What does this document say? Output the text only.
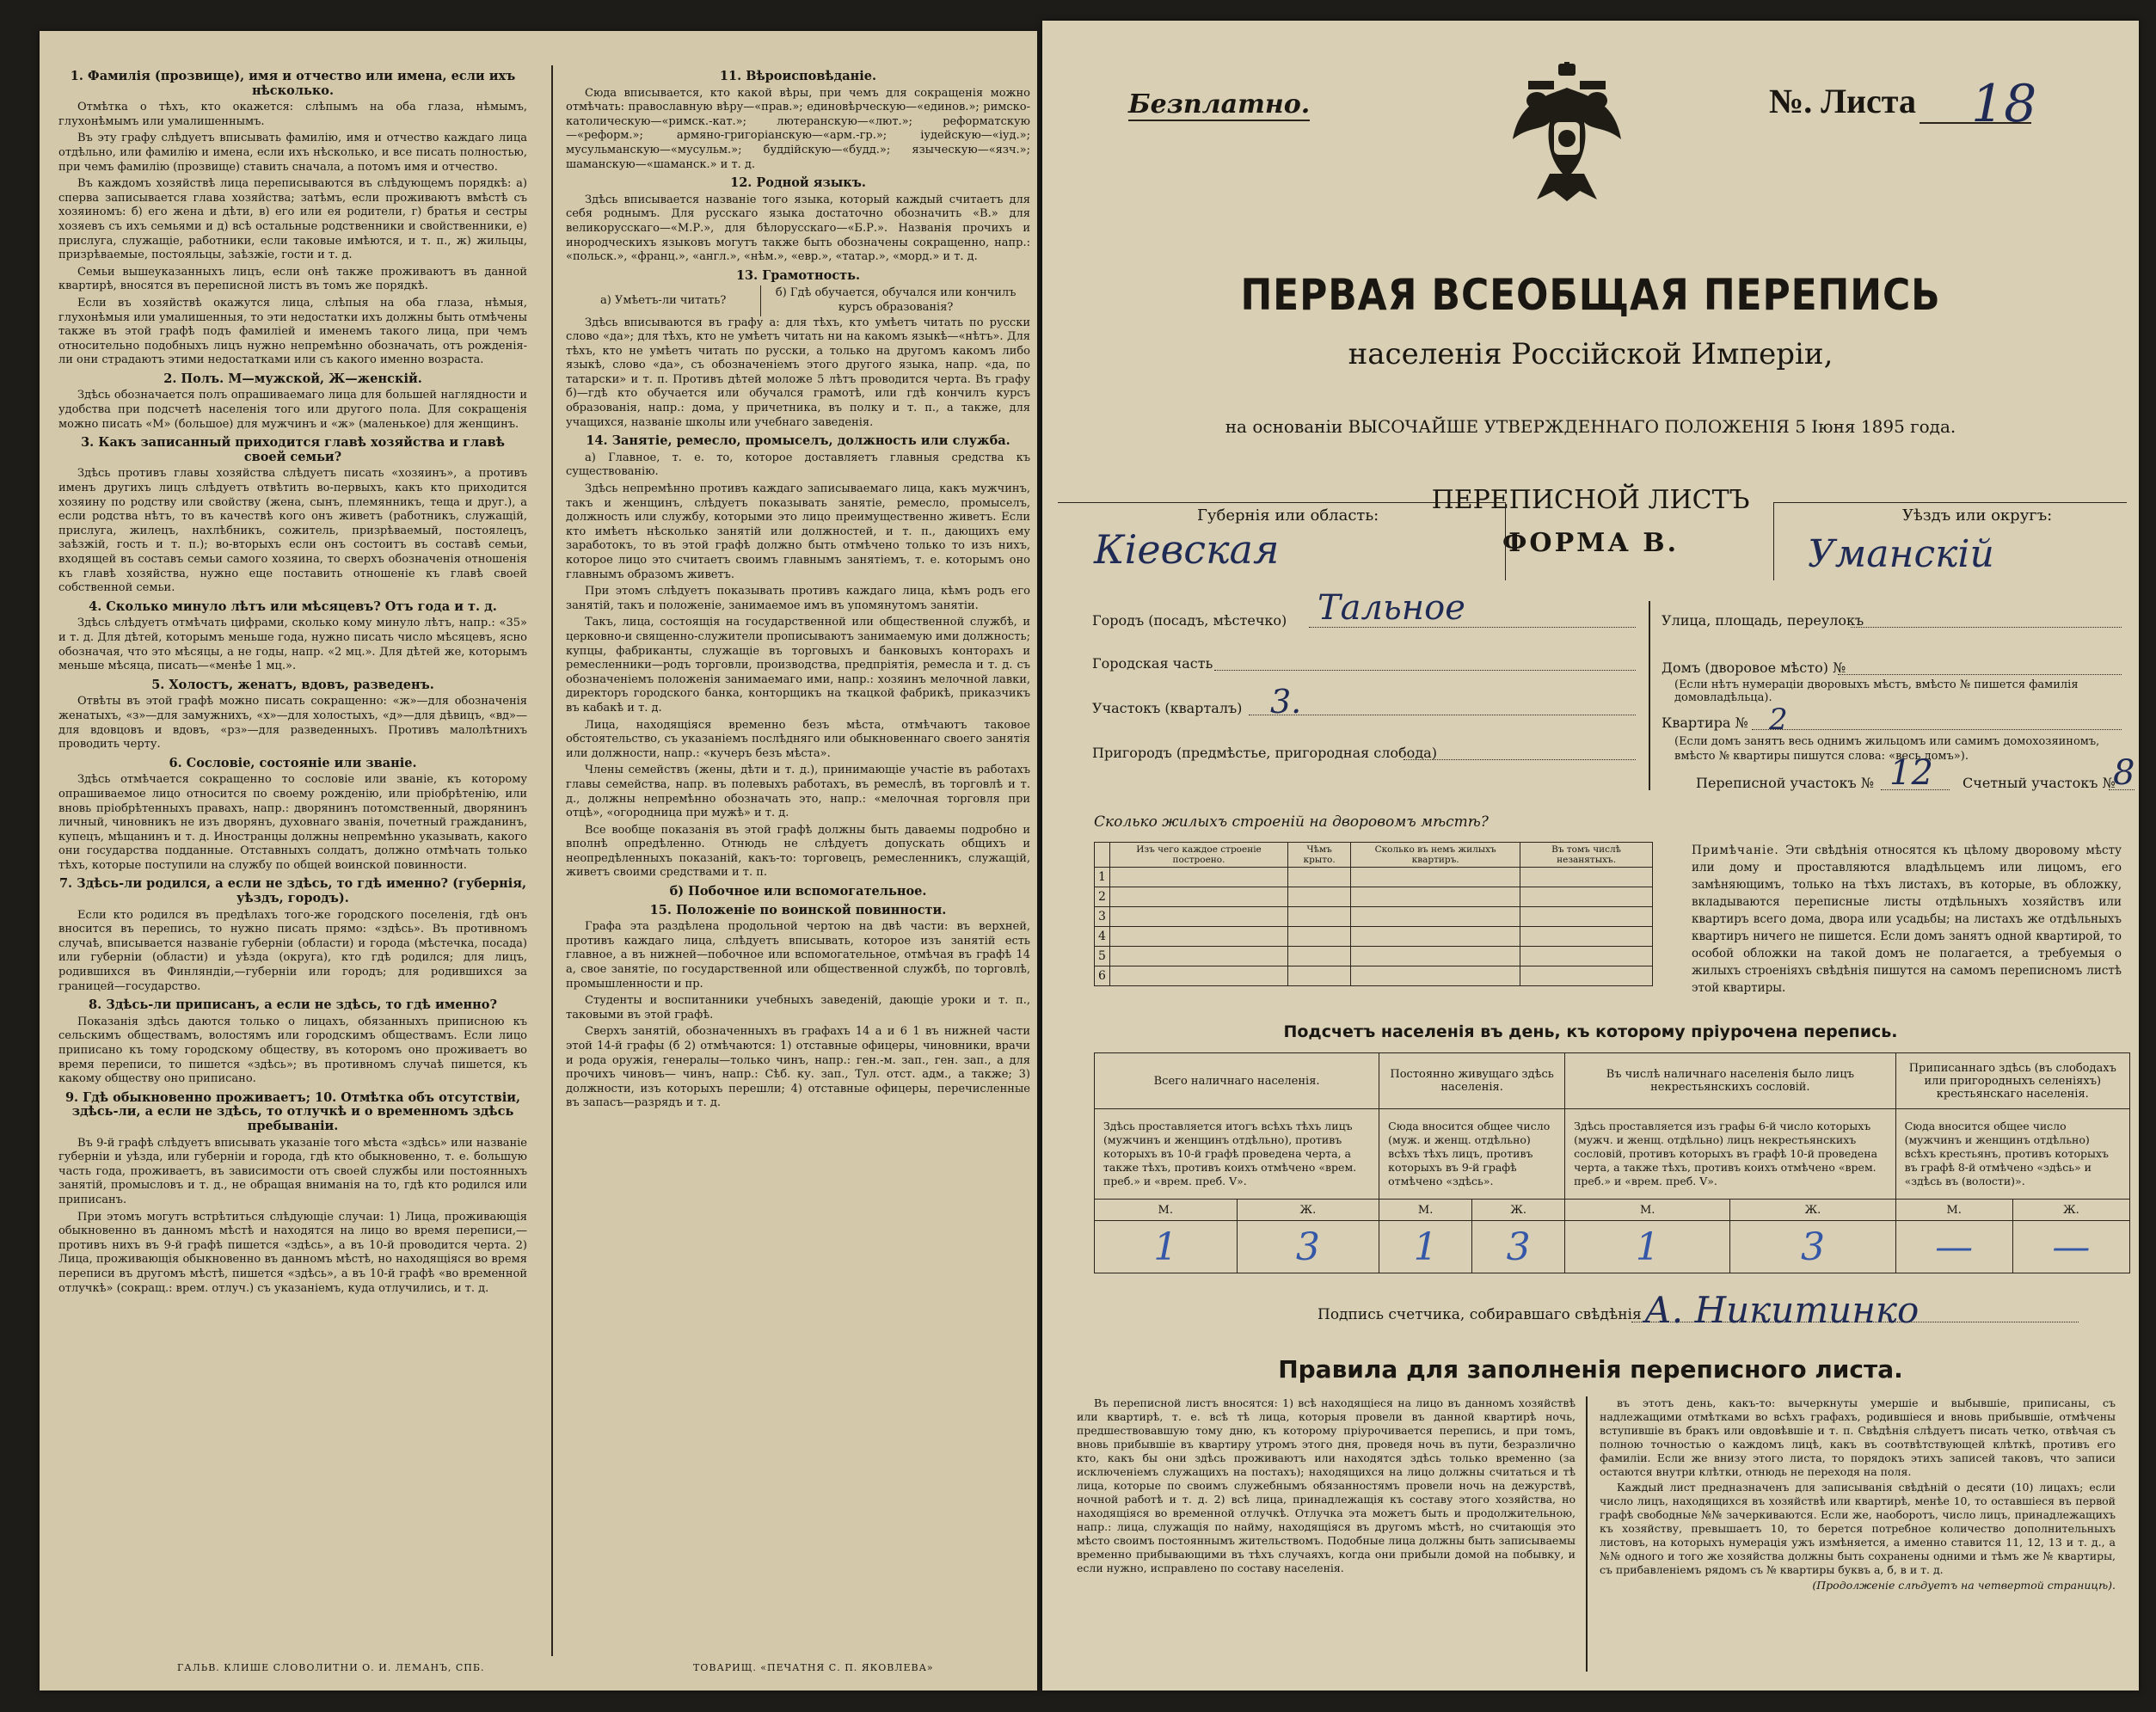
1. Фамилія (прозвище), имя и отчество или имена, если ихъ нѣсколько.

Отмѣтка о тѣхъ, кто окажется: слѣпымъ на оба глаза, нѣмымъ, глухонѣмымъ или умалишеннымъ.

Въ эту графу слѣдуетъ вписывать фамилію, имя и отчество каждаго лица отдѣльно, или фамилію и имена, если ихъ нѣсколько, и все писать полностью, при чемъ фамилію (прозвище) ставить сначала, а потомъ имя и отчество.

Въ каждомъ хозяйствѣ лица переписываются въ слѣдующемъ порядкѣ: а) сперва записывается глава хозяйства; затѣмъ, если проживаютъ вмѣстѣ съ хозяиномъ: б) его жена и дѣти, в) его или ея родители, г) братья и сестры хозяевъ съ ихъ семьями и д) всѣ остальные родственники и свойственники, е) прислуга, служащіе, работники, если таковые имѣются, и т. п., ж) жильцы, призрѣваемые, постояльцы, заѣзжіе, гости и т. д.

Семьи вышеуказанныхъ лицъ, если онѣ также проживаютъ въ данной квартирѣ, вносятся въ переписной листъ въ томъ же порядкѣ.

Если въ хозяйствѣ окажутся лица, слѣпыя на оба глаза, нѣмыя, глухонѣмыя или умалишенныя, то эти недостатки ихъ должны быть отмѣчены также въ этой графѣ подъ фамиліей и именемъ такого лица, при чемъ относительно подобныхъ лицъ нужно непремѣнно обозначать, отъ рожденія-ли они страдаютъ этими недостатками или съ какого именно возраста.

2. Полъ. М—мужской, Ж—женскій.

Здѣсь обозначается полъ опрашиваемаго лица для большей наглядности и удобства при подсчетѣ населенія того или другого пола. Для сокращенія можно писать «М» (большое) для мужчинъ и «ж» (маленькое) для женщинъ.

3. Какъ записанный приходится главѣ хозяйства и главѣ своей семьи?

Здѣсь противъ главы хозяйства слѣдуетъ писать «хозяинъ», а противъ именъ другихъ лицъ слѣдуетъ отвѣтить во-первыхъ, какъ кто приходится хозяину по родству или свойству (жена, сынъ, племянникъ, теща и друг.), а если родства нѣтъ, то въ качествѣ кого онъ живетъ (работникъ, служащій, прислуга, жилецъ, нахлѣбникъ, сожитель, призрѣваемый, постоялецъ, заѣзжій, гость и т. п.); во-вторыхъ если онъ состоитъ въ составѣ семьи, входящей въ составъ семьи самого хозяина, то сверхъ обозначенія отношенія къ главѣ хозяйства, нужно еще поставить отношеніе къ главѣ своей собственной семьи.

4. Сколько минуло лѣтъ или мѣсяцевъ? Отъ года и т. д.

Здѣсь слѣдуетъ отмѣчать цифрами, сколько кому минуло лѣтъ, напр.: «35» и т. д. Для дѣтей, которымъ меньше года, нужно писать число мѣсяцевъ, ясно обозначая, что это мѣсяцы, а не годы, напр. «2 мц.». Для дѣтей же, которымъ меньше мѣсяца, писать—«менѣе 1 мц.».

5. Холостъ, женатъ, вдовъ, разведенъ.

Отвѣты въ этой графѣ можно писать сокращенно: «ж»—для обозначенія женатыхъ, «з»—для замужнихъ, «х»—для холостыхъ, «д»—для дѣвицъ, «вд»—для вдовцовъ и вдовъ, «рз»—для разведенныхъ. Противъ малолѣтнихъ проводить черту.

6. Сословіе, состояніе или званіе.

Здѣсь отмѣчается сокращенно то сословіе или званіе, къ которому опрашиваемое лицо относится по своему рожденію, или пріобрѣтенію, или вновь пріобрѣтенныхъ правахъ, напр.: дворянинъ потомственный, дворянинъ личный, чиновникъ не изъ дворянъ, духовнаго званія, почетный гражданинъ, купецъ, мѣщанинъ и т. д. Иностранцы должны непремѣнно указывать, какого они государства подданные. Отставныхъ солдатъ, должно отмѣчать только тѣхъ, которые поступили на службу по общей воинской повинности.

7. Здѣсь-ли родился, а если не здѣсь, то гдѣ именно? (губернія, уѣздъ, городъ).

Если кто родился въ предѣлахъ того-же городского поселенія, гдѣ онъ вносится въ перепись, то нужно писать прямо: «здѣсь». Въ противномъ случаѣ, вписывается названіе губерніи (области) и города (мѣстечка, посада) или губерніи (области) и уѣзда (округа), кто гдѣ родился; для лицъ, родившихся въ Финляндіи,—губерніи или городъ; для родившихся за границей—государство.

8. Здѣсь-ли приписанъ, а если не здѣсь, то гдѣ именно?

Показанія здѣсь даются только о лицахъ, обязанныхъ приписною къ сельскимъ обществамъ, волостямъ или городскимъ обществамъ. Если лицо приписано къ тому городскому обществу, въ которомъ оно проживаетъ во время переписи, то пишется «здѣсь»; въ противномъ случаѣ пишется, къ какому обществу оно приписано.

9. Гдѣ обыкновенно проживаетъ; 10. Отмѣтка объ отсутствіи, здѣсь-ли, а если не здѣсь, то отлучкѣ и о временномъ здѣсь пребываніи.

Въ 9-й графѣ слѣдуетъ вписывать указаніе того мѣста «здѣсь» или названіе губерніи и уѣзда, или губерніи и города, гдѣ кто обыкновенно, т. е. большую часть года, проживаетъ, въ зависимости отъ своей службы или постоянныхъ занятій, промысловъ и т. д., не обращая вниманія на то, гдѣ кто родился или приписанъ.

При этомъ могутъ встрѣтиться слѣдующіе случаи: 1) Лица, проживающія обыкновенно въ данномъ мѣстѣ и находятся на лицо во время переписи,—противъ нихъ въ 9-й графѣ пишется «здѣсь», а въ 10-й проводится черта. 2) Лица, проживающія обыкновенно въ данномъ мѣстѣ, но находящіяся во время переписи въ другомъ мѣстѣ, пишется «здѣсь», а въ 10-й графѣ «во временной отлучкѣ» (сокращ.: врем. отлуч.) съ указаніемъ, куда отлучились, и т. д.

11. Вѣроисповѣданіе.

Сюда вписывается, кто какой вѣры, при чемъ для сокращенія можно отмѣчать: православную вѣру—«прав.»; единовѣрческую—«единов.»; римско-католическую—«римск.-кат.»; лютеранскую—«лют.»; реформатскую—«реформ.»; армяно-григоріанскую—«арм.-гр.»; іудейскую—«іуд.»; мусульманскую—«мусульм.»; буддійскую—«будд.»; языческую—«язч.»; шаманскую—«шаманск.» и т. д.

12. Родной языкъ.

Здѣсь вписывается названіе того языка, который каждый считаетъ для себя роднымъ. Для русскаго языка достаточно обозначить «В.» для великорусскаго—«М.Р.», для бѣлорусскаго—«Б.Р.». Названія прочихъ и инородческихъ языковъ могутъ также быть обозначены сокращенно, напр.: «польск.», «франц.», «англ.», «нѣм.», «евр.», «татар.», «морд.» и т. д.

13. Грамотность.
а) Умѣетъ-ли читать?	б) Гдѣ обучается, обучался или кончилъ курсъ образованія?

Здѣсь вписываются въ графу а: для тѣхъ, кто умѣетъ читать по русски слово «да»; для тѣхъ, кто не умѣетъ читать ни на какомъ языкѣ—«нѣтъ». Для тѣхъ, кто не умѣетъ читать по русски, а только на другомъ какомъ либо языкѣ, слово «да», съ обозначеніемъ этого другого языка, напр. «да, по татарски» и т. п. Противъ дѣтей моложе 5 лѣтъ проводится черта. Въ графу б)—гдѣ кто обучается или обучался грамотѣ, или гдѣ кончилъ курсъ образованія, напр.: дома, у причетника, въ полку и т. п., а также, для учащихся, названіе школы или учебнаго заведенія.

14. Занятіе, ремесло, промыселъ, должность или служба.

а) Главное, т. е. то, которое доставляетъ главныя средства къ существованію.

Здѣсь непремѣнно противъ каждаго записываемаго лица, какъ мужчинъ, такъ и женщинъ, слѣдуетъ показывать занятіе, ремесло, промыселъ, должность или службу, которыми это лицо преимущественно живетъ. Если кто имѣетъ нѣсколько занятій или должностей, и т. п., дающихъ ему заработокъ, то въ этой графѣ должно быть отмѣчено только то изъ нихъ, которое лицо это считаетъ своимъ главнымъ занятіемъ, т. е. которымъ оно главнымъ образомъ живетъ.

При этомъ слѣдуетъ показывать противъ каждаго лица, кѣмъ родъ его занятій, такъ и положеніе, занимаемое имъ въ упомянутомъ занятіи.

Такъ, лица, состоящія на государственной или общественной службѣ, и церковно-и священно-служители прописываютъ занимаемую ими должность; купцы, фабриканты, служащіе въ торговыхъ и банковыхъ конторахъ и ремесленники—родъ торговли, производства, предпріятія, ремесла и т. д. съ обозначеніемъ положенія занимаемаго ими, напр.: хозяинъ мелочной лавки, директоръ городского банка, конторщикъ на ткацкой фабрикѣ, приказчикъ въ кабакѣ и т. д.

Лица, находящіяся временно безъ мѣста, отмѣчаютъ таковое обстоятельство, съ указаніемъ послѣдняго или обыкновеннаго своего занятія или должности, напр.: «кучеръ безъ мѣста».

Члены семействъ (жены, дѣти и т. д.), принимающіе участіе въ работахъ главы семейства, напр. въ полевыхъ работахъ, въ ремеслѣ, въ торговлѣ и т. д., должны непремѣнно обозначать это, напр.: «мелочная торговля при отцѣ», «огородница при мужѣ» и т. д.

Все вообще показанія въ этой графѣ должны быть даваемы подробно и вполнѣ опредѣленно. Отнюдь не слѣдуетъ допускать общихъ и неопредѣленныхъ показаній, какъ-то: торговецъ, ремесленникъ, служащій, живетъ своими средствами и т. п.

б) Побочное или вспомогательное.
15. Положеніе по воинской повинности.

Графа эта раздѣлена продольной чертою на двѣ части: въ верхней, противъ каждаго лица, слѣдуетъ вписывать, которое изъ занятій есть главное, а въ нижней—побочное или вспомогательное, отмѣчая въ графѣ 14 а, свое занятіе, по государственной или общественной службѣ, по торговлѣ, промышленности и пр.

Студенты и воспитанники учебныхъ заведеній, дающіе уроки и т. п., таковыми въ этой графѣ.

Сверхъ занятій, обозначенныхъ въ графахъ 14 а и 6 1 въ нижней части этой 14-й графы (б 2) отмѣчаются: 1) отставные офицеры, чиновники, врачи и рода оружія, генералы—только чинъ, напр.: ген.-м. зап., ген. зап., а для прочихъ чиновъ— чинъ, напр.: Сѣб. ку. зап., Тул. отст. адм., а также; 3) должности, изъ которыхъ перешли; 4) отставные офицеры, перечисленные въ запасъ—разрядъ и т. д.

ГАЛЬВ. КЛИШЕ СЛОВОЛИТНИ О. И. ЛЕМАНЪ, СПБ.	ТОВАРИЩ. «ПЕЧАТНЯ С. П. ЯКОВЛЕВА»
Безплатно.	№. Листа 18
ПЕРВАЯ ВСЕОБЩАЯ ПЕРЕПИСЬ
населенія Россійской Имперіи,
на основаніи ВЫСОЧАЙШЕ УТВЕРЖДЕННАГО ПОЛОЖЕНІЯ 5 Іюня 1895 года.
ПЕРЕПИСНОЙ ЛИСТЪ
ФОРМА В.
Губернія или область:
Кіевская
Уѣздъ или округъ:
Уманскій
Городъ (посадъ, мѣстечко) Тальное
Городская часть
Участокъ (кварталъ) 3.
Пригородъ (предмѣстье, пригородная слобода)
Улица, площадь, переулокъ
Домъ (дворовое мѣсто) №
(Если нѣтъ нумераціи дворовыхъ мѣстъ, вмѣсто № пишется фамилія домовладѣльца).
Квартира № 2
(Если домъ занятъ весь однимъ жильцомъ или самимъ домохозяиномъ, вмѣсто № квартиры пишутся слова: «весь домъ»).
Переписной участокъ № 12 Счетный участокъ №
8
Сколько жилыхъ строеній на дворовомъ мѣстѣ?
	Изъ чего каждое строеніе построено.	Чѣмъ крыто.	Сколько въ немъ жилыхъ квартиръ.	Въ томъ числѣ незанятыхъ.
1				
2				
3				
4				
5				
6				
Примѣчаніе. Эти свѣдѣнія относятся къ цѣлому дворовому мѣсту или дому и проставляются владѣльцемъ или лицомъ, его замѣняющимъ, только на тѣхъ листахъ, въ которые, въ обложку, вкладываются переписные листы отдѣльныхъ хозяйствъ или квартиръ всего дома, двора или усадьбы; на листахъ же отдѣльныхъ квартиръ ничего не пишется. Если домъ занятъ одной квартирой, то особой обложки на такой домъ не полагается, а требуемыя о жилыхъ строеніяхъ свѣдѣнія пишутся на самомъ переписномъ листѣ этой квартиры.
Подсчетъ населенія въ день, къ которому пріурочена перепись.
Всего наличнаго населенія.		Постоянно живущаго здѣсь населенія.		Въ числѣ наличнаго населенія было лицъ некрестьянскихъ сословій.		Приписаннаго здѣсь (въ слободахъ или пригородныхъ селеніяхъ) крестьянскаго населенія.	
Здѣсь проставляется итогъ всѣхъ тѣхъ лицъ (мужчинъ и женщинъ отдѣльно), противъ которыхъ въ 10-й графѣ проведена черта, а также тѣхъ, противъ коихъ отмѣчено «врем. преб.» и «врем. преб. V».		Сюда вносится общее число (муж. и женщ. отдѣльно) всѣхъ тѣхъ лицъ, противъ которыхъ въ 9-й графѣ отмѣчено «здѣсь».		Здѣсь проставляется изъ графы 6-й число которыхъ (мужч. и женщ. отдѣльно) лицъ некрестьянскихъ сословій, противъ которыхъ въ графѣ 10-й проведена черта, а также тѣхъ, противъ коихъ отмѣчено «врем. преб.» и «врем. преб. V».		Сюда вносится общее число (мужчинъ и женщинъ отдѣльно) всѣхъ крестьянъ, противъ которыхъ въ графѣ 8-й отмѣчено «здѣсь» и «здѣсь въ (волости)».	
М.	Ж.	М.	Ж.	М.	Ж.	М.	Ж.
1	3	1	3	1	3	—	—
Подпись счетчика, собиравшаго свѣдѣнія А. Никитинко
Правила для заполненія переписного листа.

Въ переписной листъ вносятся: 1) всѣ находящіеся на лицо въ данномъ хозяйствѣ или квартирѣ, т. е. всѣ тѣ лица, которыя провели въ данной квартирѣ ночь, предшествовавшую тому дню, къ которому пріурочивается перепись, и при томъ, вновь прибывшіе въ квартиру утромъ этого дня, проведя ночь въ пути, безразлично кто, какъ бы они здѣсь проживаютъ или находятся здѣсь только временно (за исключеніемъ служащихъ на постахъ); находящихся на лицо должны считаться и тѣ лица, которые по своимъ служебнымъ обязанностямъ провели ночь на дежурствѣ, ночной работѣ и т. д. 2) всѣ лица, принадлежащія къ составу этого хозяйства, но находящіяся во временной отлучкѣ. Отлучка эта можетъ быть и продолжительною, напр.: лица, служащія по найму, находящіяся въ другомъ мѣстѣ, но считающія это мѣсто своимъ постояннымъ жительствомъ. Подобные лица должны быть записываемы временно прибывающими въ тѣхъ случаяхъ, когда они прибыли домой на побывку, и если нужно, исправлено по составу населенія.

въ этотъ день, какъ-то: вычеркнуты умершіе и выбывшіе, приписаны, съ надлежащими отмѣтками во всѣхъ графахъ, родившіеся и вновь прибывшіе, отмѣчены вступившіе въ бракъ или овдовѣвшіе и т. п. Свѣдѣнія слѣдуетъ писать четко, отвѣчая съ полною точностью о каждомъ лицѣ, какъ въ соотвѣтствующей клѣткѣ, противъ его фамиліи. Если же внизу этого листа, то порядокъ этихъ записей таковъ, что записи остаются внутри клѣтки, отнюдь не переходя на поля.

Каждый лист предназначенъ для записыванія свѣдѣній о десяти (10) лицахъ; если число лицъ, находящихся въ хозяйствѣ или квартирѣ, менѣе 10, то оставшіеся въ первой графѣ свободные №№ зачеркиваются. Если же, наоборотъ, число лицъ, принадлежащихъ къ хозяйству, превышаетъ 10, то берется потребное количество дополнительныхъ листовъ, на которыхъ нумерація ужъ измѣняется, а именно ставится 11, 12, 13 и т. д., а №№ одного и того же хозяйства должны быть сохранены одними и тѣмъ же № квартиры, съ прибавленіемъ рядомъ съ № квартиры буквъ а, б, в и т. д.

(Продолженіе слѣдуетъ на четвертой страницѣ).
